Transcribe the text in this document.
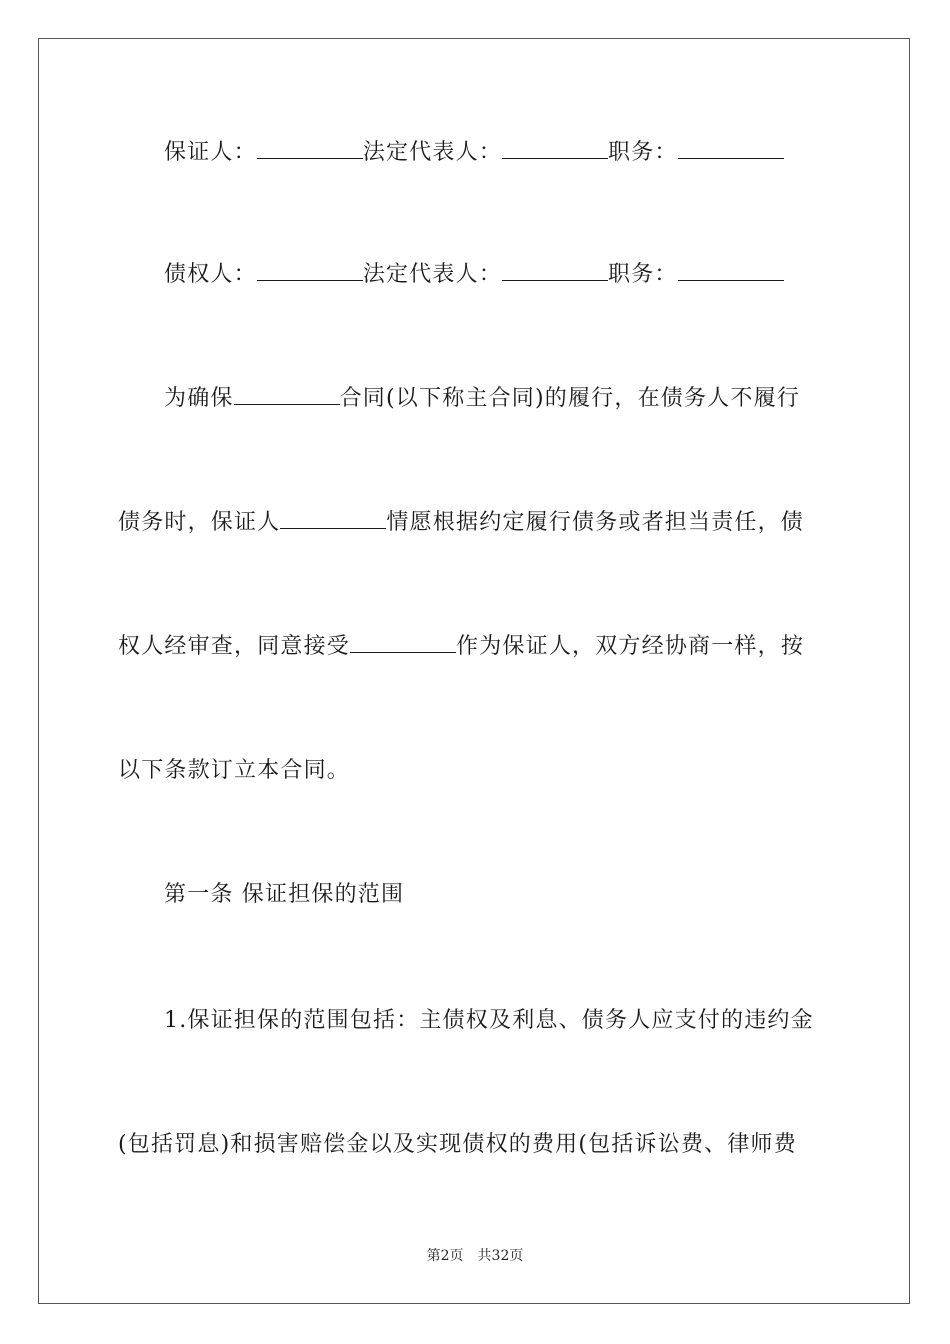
保证人：	法定代表人：	职务：
债权人：	法定代表人：	职务：
为确保	合同(以下称主合同)的履行，在债务人不履行
债务时，保证人	情愿根据约定履行债务或者担当责任，债
权人经审查，同意接受	作为保证人，双方经协商一样，按
以下条款订立本合同。
第一条 保证担保的范围
1.保证担保的范围包括：主债权及利息、债务人应支付的违约金
(包括罚息)和损害赔偿金以及实现债权的费用(包括诉讼费、律师费
第2页 共32页
